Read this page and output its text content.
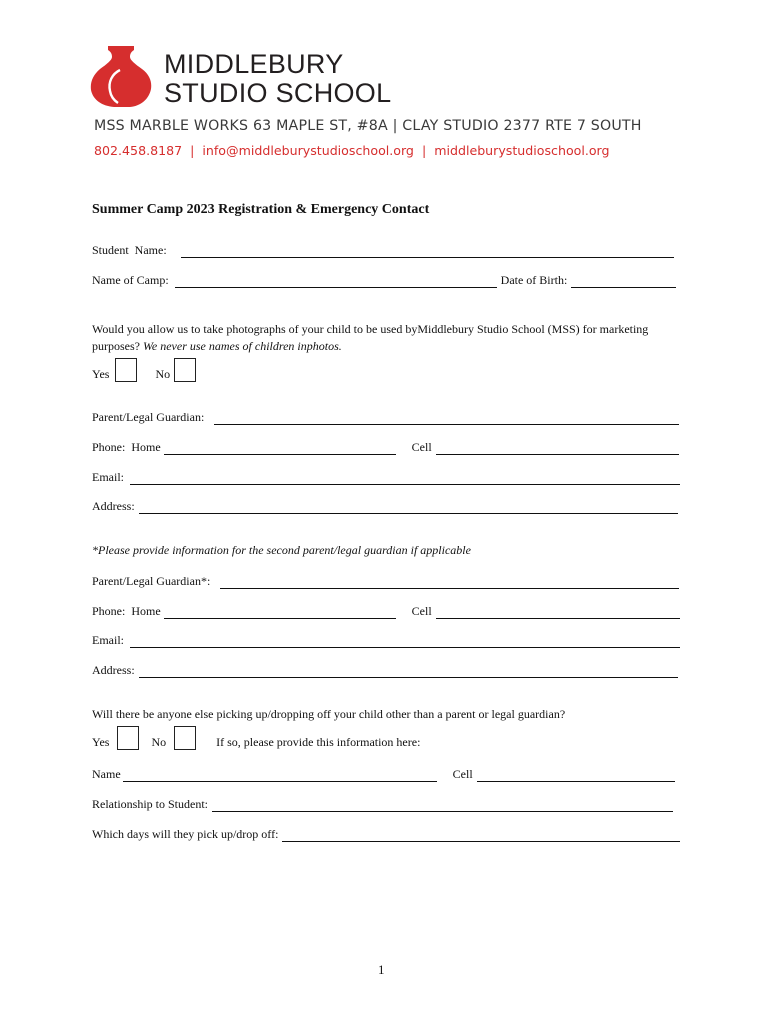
MIDDLEBURY
STUDIO SCHOOL
MSS MARBLE WORKS 63 MAPLE ST, #8A | CLAY STUDIO 2377 RTE 7 SOUTH
802.458.8187 | info@middleburystudioschool.org | middleburystudioschool.org
Summer Camp 2023 Registration & Emergency Contact
Student  Name:
Name of Camp:	Date of Birth:
Would you allow us to take photographs of your child to be used byMiddlebury Studio School (MSS) for marketing purposes? We never use names of children inphotos.
Yes	No
Parent/Legal Guardian:
Phone:  Home	Cell
Email:
Address:
*Please provide information for the second parent/legal guardian if applicable
Parent/Legal Guardian*:
Phone:  Home	Cell
Email:
Address:
Will there be anyone else picking up/dropping off your child other than a parent or legal guardian?
Yes	No	If so, please provide this information here:
Name	Cell
Relationship to Student:
Which days will they pick up/drop off:
1
